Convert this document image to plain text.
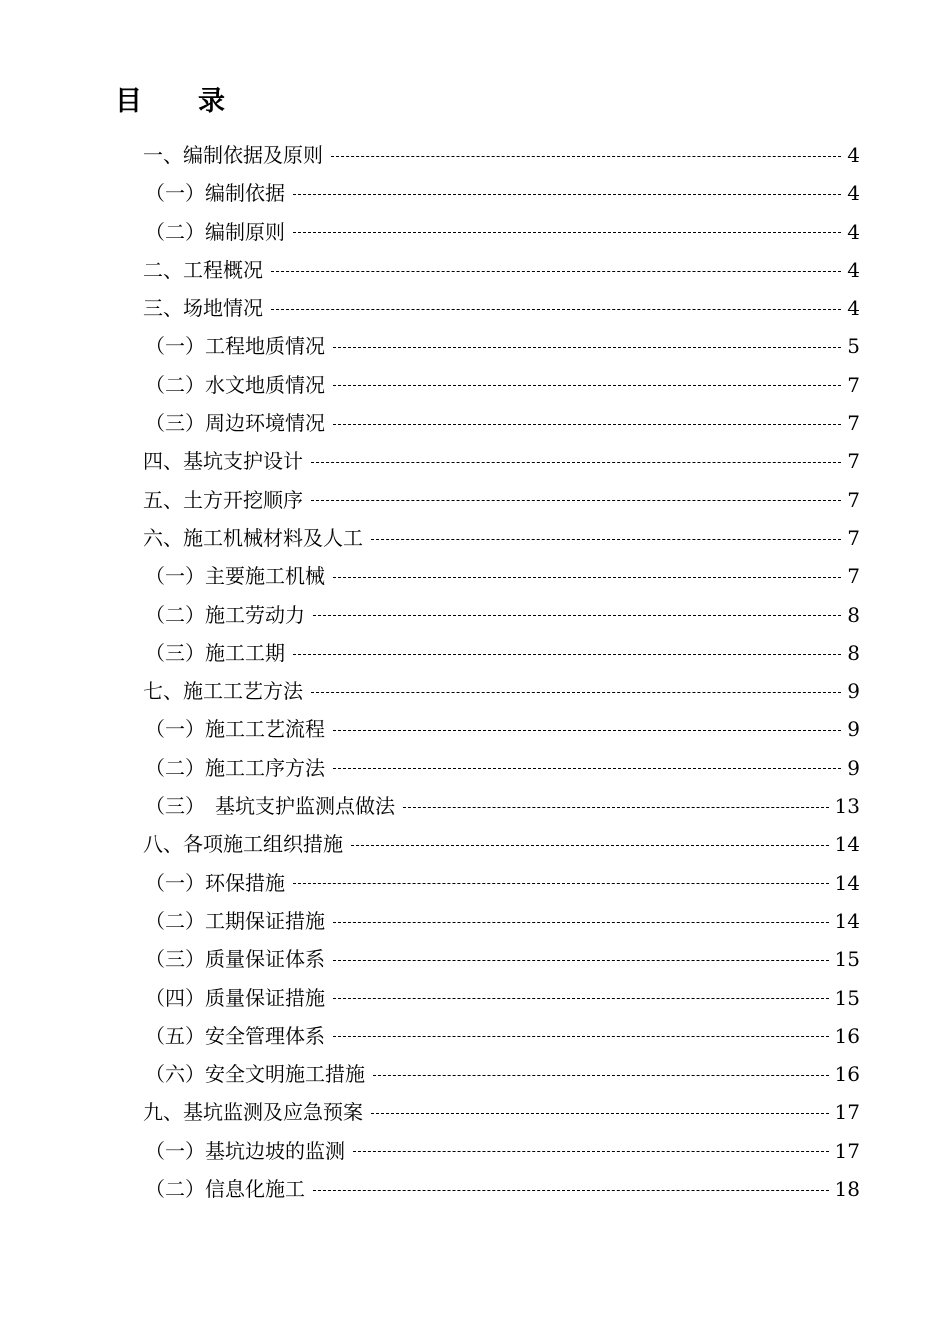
目 录
一、编制依据及原则	4
（一）编制依据	4
（二）编制原则	4
二、工程概况	4
三、场地情况	4
（一）工程地质情况	5
（二）水文地质情况	7
（三）周边环境情况	7
四、基坑支护设计	7
五、土方开挖顺序	7
六、施工机械材料及人工	7
（一）主要施工机械	7
（二）施工劳动力	8
（三）施工工期	8
七、施工工艺方法	9
（一）施工工艺流程	9
（二）施工工序方法	9
（三）　基坑支护监测点做法	13
八、各项施工组织措施	14
（一）环保措施	14
（二）工期保证措施	14
（三）质量保证体系	15
（四）质量保证措施	15
（五）安全管理体系	16
（六）安全文明施工措施	16
九、基坑监测及应急预案	17
（一）基坑边坡的监测	17
（二）信息化施工	18
